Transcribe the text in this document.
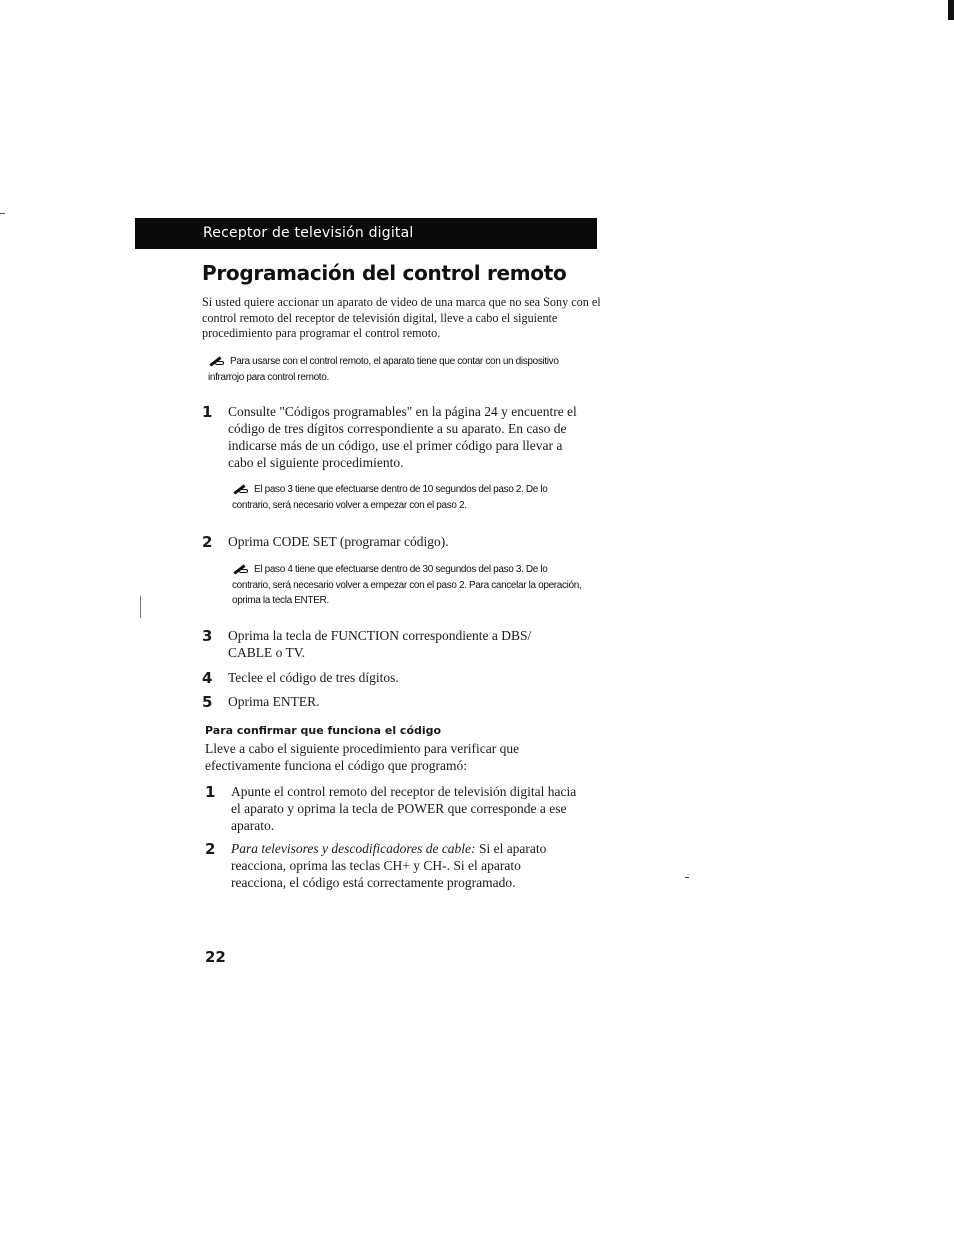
Receptor de televisión digital
Programación del control remoto

Si usted quiere accionar un aparato de video de una marca que no sea Sony con el control remoto del receptor de televisión digital, lleve a cabo el siguiente procedimiento para programar el control remoto.

Para usarse con el control remoto, el aparato tiene que contar con un dispositivo infrarrojo para control remoto.

1 Consulte "Códigos programables" en la página 24 y encuentre el código de tres dígitos correspondiente a su aparato. En caso de indicarse más de un código, use el primer código para llevar a cabo el siguiente procedimiento.

El paso 3 tiene que efectuarse dentro de 10 segundos del paso 2. De lo contrario, será necesario volver a empezar con el paso 2.

2 Oprima CODE SET (programar código).

El paso 4 tiene que efectuarse dentro de 30 segundos del paso 3. De lo contrario, será necesario volver a empezar con el paso 2. Para cancelar la operación, oprima la tecla ENTER.

3 Oprima la tecla de FUNCTION correspondiente a DBS/ CABLE o TV.
4 Teclee el código de tres dígitos.
5 Oprima ENTER.

Para confirmar que funciona el código

Lleve a cabo el siguiente procedimiento para verificar que efectivamente funciona el código que programó:

1 Apunte el control remoto del receptor de televisión digital hacia el aparato y oprima la tecla de POWER que corresponde a ese aparato.
2 Para televisores y descodificadores de cable: Si el aparato reacciona, oprima las teclas CH+ y CH-. Si el aparato reacciona, el código está correctamente programado.
22
